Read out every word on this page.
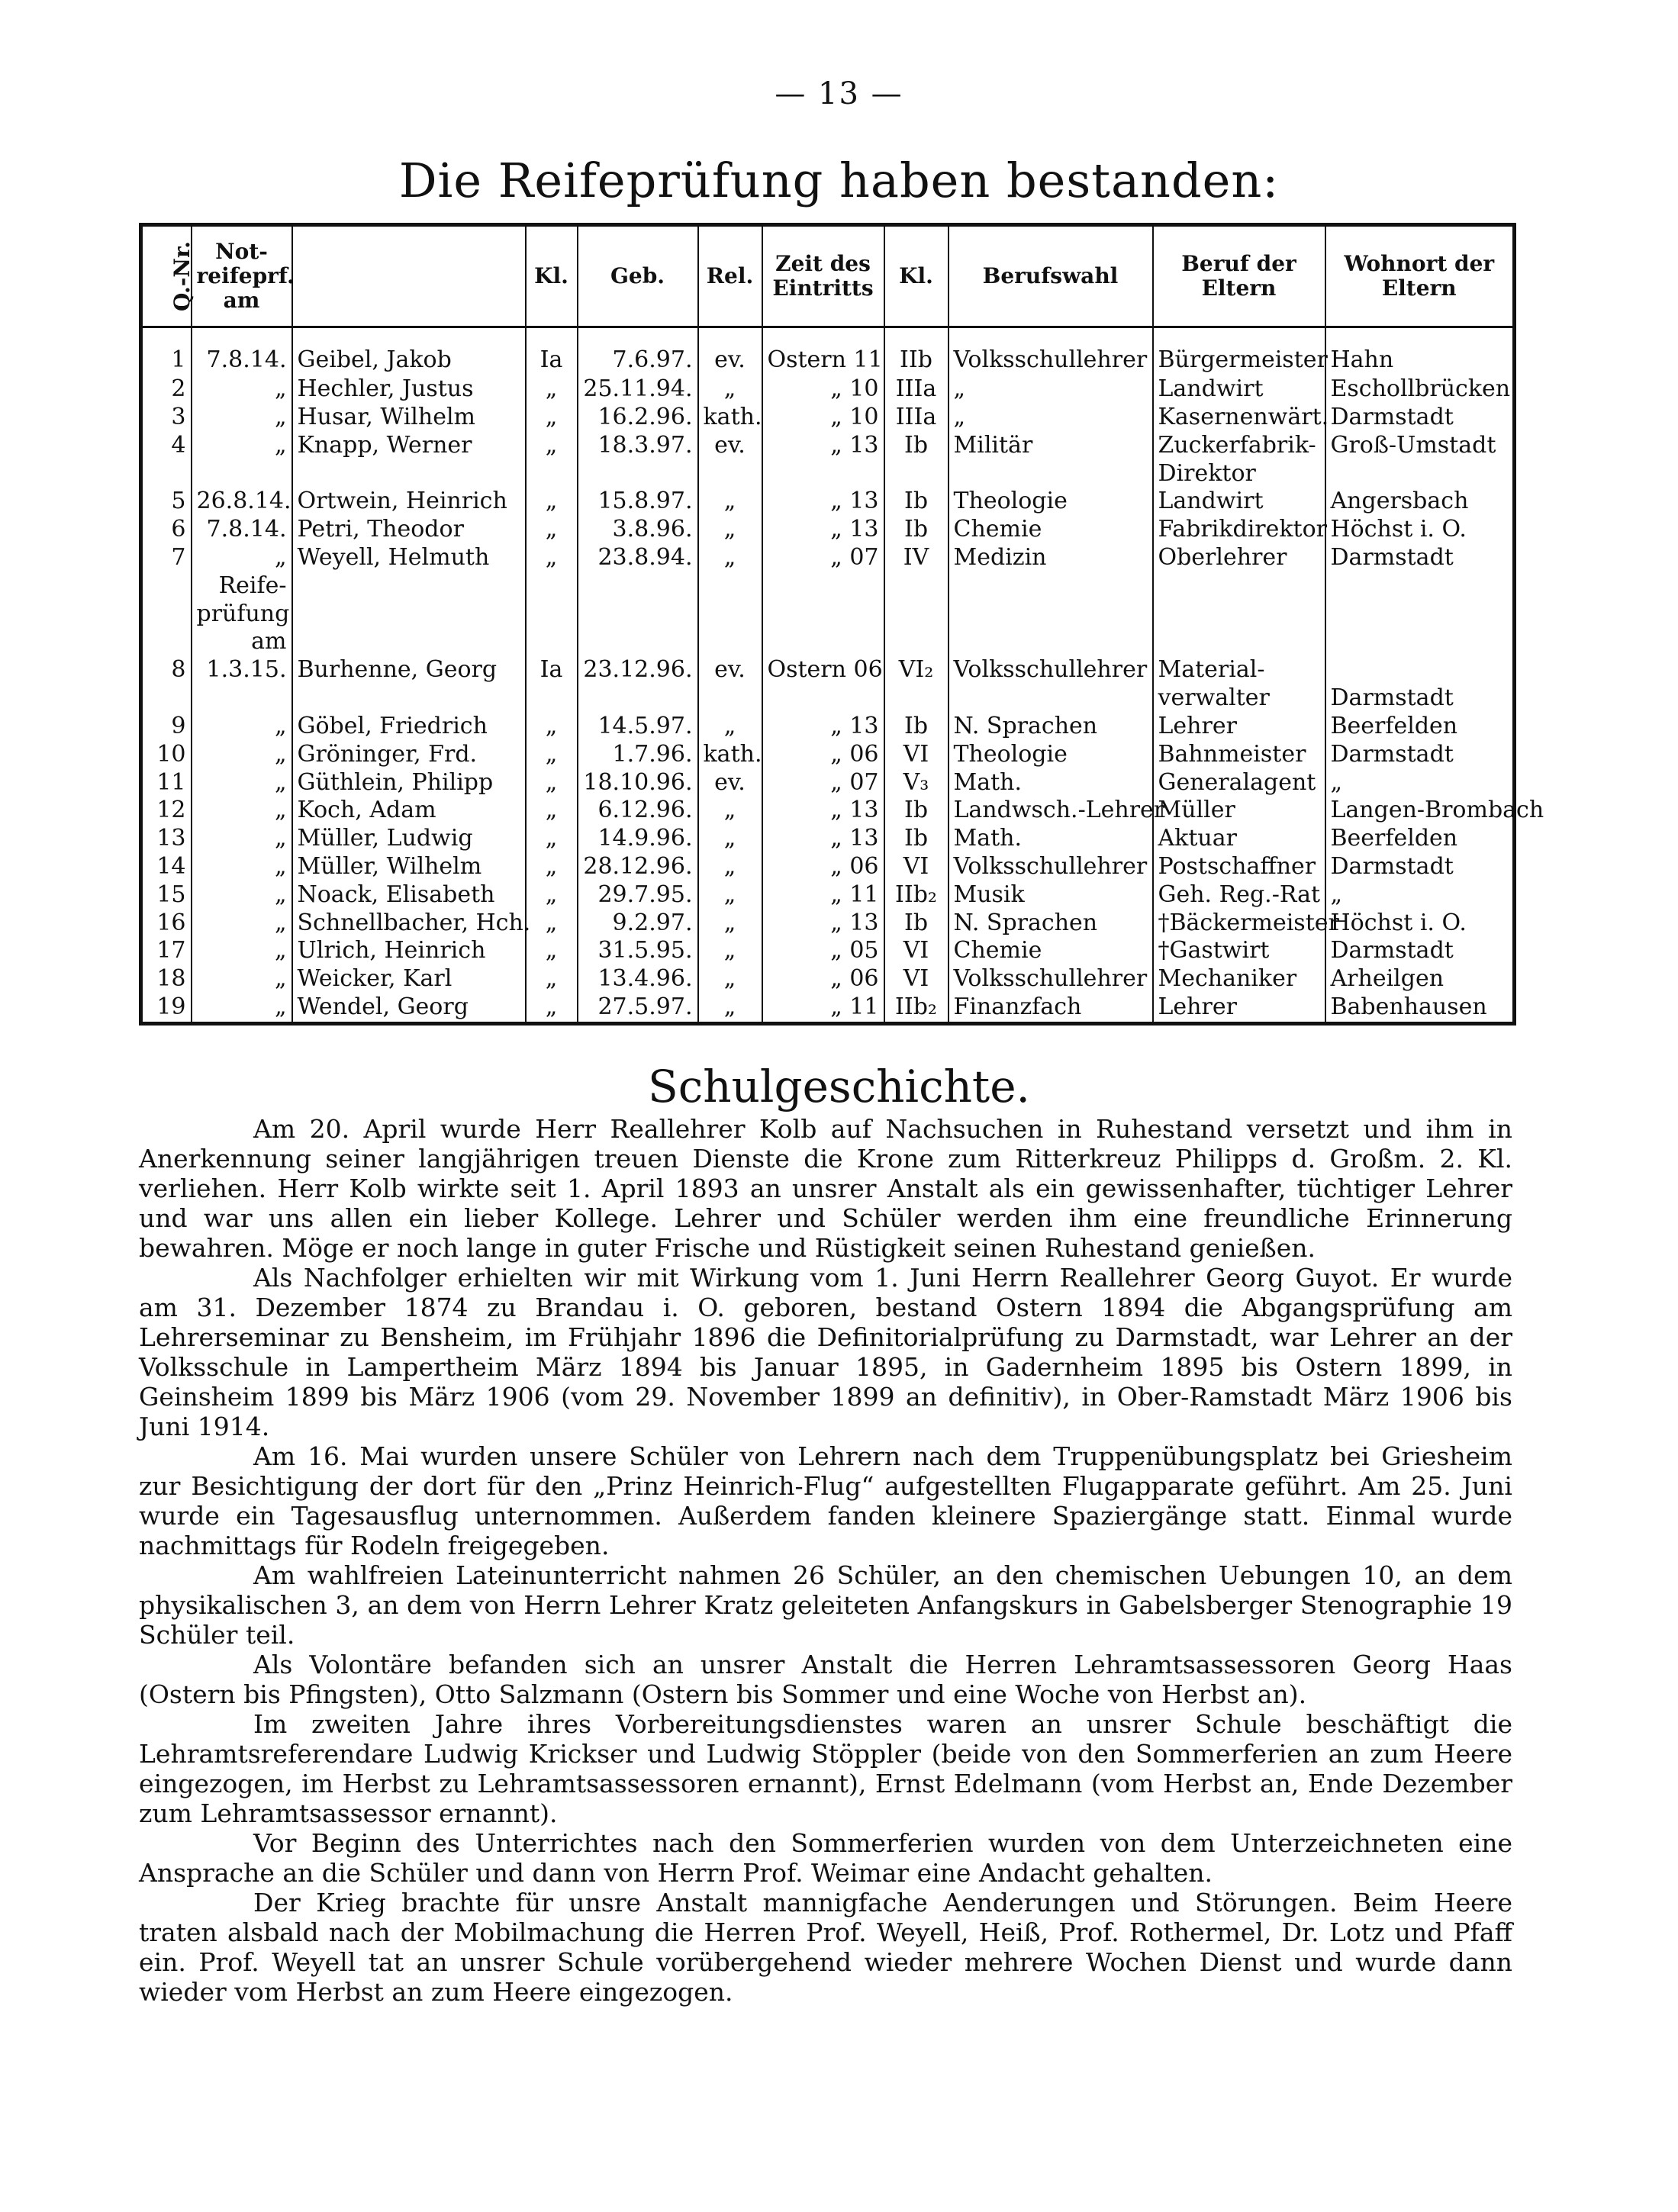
— 13 —
Die Reifeprüfung haben bestanden:
Q.-Nr.	Not-reifeprf. am		Kl.	Geb.	Rel.	Zeit des Eintritts	Kl.	Berufswahl	Beruf der Eltern	Wohnort der Eltern
1	7.8.14.	Geibel, Jakob	Ia	7.6.97.	ev.	Ostern 11	IIb	Volksschullehrer	Bürgermeister	Hahn
2	„	Hechler, Justus	„	25.11.94.	„	„ 10	IIIa	„	Landwirt	Eschollbrücken
3	„	Husar, Wilhelm	„	16.2.96.	kath.	„ 10	IIIa	„	Kasernenwärt.	Darmstadt
4	„	Knapp, Werner	„	18.3.97.	ev.	„ 13	Ib	Militär	Zuckerfabrik-	Groß-Umstadt
									Direktor	
5	26.8.14.	Ortwein, Heinrich	„	15.8.97.	„	„ 13	Ib	Theologie	Landwirt	Angersbach
6	7.8.14.	Petri, Theodor	„	3.8.96.	„	„ 13	Ib	Chemie	Fabrikdirektor	Höchst i. O.
7	„	Weyell, Helmuth	„	23.8.94.	„	„ 07	IV	Medizin	Oberlehrer	Darmstadt
	Reife-									
	prüfung									
	am									
8	1.3.15.	Burhenne, Georg	Ia	23.12.96.	ev.	Ostern 06	VI₂	Volksschullehrer	Material-	
									verwalter	Darmstadt
9	„	Göbel, Friedrich	„	14.5.97.	„	„ 13	Ib	N. Sprachen	Lehrer	Beerfelden
10	„	Gröninger, Frd.	„	1.7.96.	kath.	„ 06	VI	Theologie	Bahnmeister	Darmstadt
11	„	Güthlein, Philipp	„	18.10.96.	ev.	„ 07	V₃	Math.	Generalagent	„
12	„	Koch, Adam	„	6.12.96.	„	„ 13	Ib	Landwsch.-Lehrer	Müller	Langen-Brombach
13	„	Müller, Ludwig	„	14.9.96.	„	„ 13	Ib	Math.	Aktuar	Beerfelden
14	„	Müller, Wilhelm	„	28.12.96.	„	„ 06	VI	Volksschullehrer	Postschaffner	Darmstadt
15	„	Noack, Elisabeth	„	29.7.95.	„	„ 11	IIb₂	Musik	Geh. Reg.-Rat	„
16	„	Schnellbacher, Hch.	„	9.2.97.	„	„ 13	Ib	N. Sprachen	†Bäckermeister	Höchst i. O.
17	„	Ulrich, Heinrich	„	31.5.95.	„	„ 05	VI	Chemie	†Gastwirt	Darmstadt
18	„	Weicker, Karl	„	13.4.96.	„	„ 06	VI	Volksschullehrer	Mechaniker	Arheilgen
19	„	Wendel, Georg	„	27.5.97.	„	„ 11	IIb₂	Finanzfach	Lehrer	Babenhausen

Schulgeschichte.

Am 20. April wurde Herr Reallehrer Kolb auf Nachsuchen in Ruhestand versetzt und ihm in Anerkennung seiner langjährigen treuen Dienste die Krone zum Ritterkreuz Philipps d. Großm. 2. Kl. verliehen. Herr Kolb wirkte seit 1. April 1893 an unsrer Anstalt als ein gewissenhafter, tüchtiger Lehrer und war uns allen ein lieber Kollege. Lehrer und Schüler werden ihm eine freundliche Erinnerung bewahren. Möge er noch lange in guter Frische und Rüstigkeit seinen Ruhestand genießen.

Als Nachfolger erhielten wir mit Wirkung vom 1. Juni Herrn Reallehrer Georg Guyot. Er wurde am 31. Dezember 1874 zu Brandau i. O. geboren, bestand Ostern 1894 die Abgangsprüfung am Lehrerseminar zu Bensheim, im Frühjahr 1896 die Definitorialprüfung zu Darmstadt, war Lehrer an der Volksschule in Lampertheim März 1894 bis Januar 1895, in Gadernheim 1895 bis Ostern 1899, in Geinsheim 1899 bis März 1906 (vom 29. November 1899 an definitiv), in Ober-Ramstadt März 1906 bis Juni 1914.

Am 16. Mai wurden unsere Schüler von Lehrern nach dem Truppenübungsplatz bei Griesheim zur Besichtigung der dort für den „Prinz Heinrich-Flug“ aufgestellten Flugapparate geführt. Am 25. Juni wurde ein Tagesausflug unternommen. Außerdem fanden kleinere Spaziergänge statt. Einmal wurde nachmittags für Rodeln freigegeben.

Am wahlfreien Lateinunterricht nahmen 26 Schüler, an den chemischen Uebungen 10, an dem physikalischen 3, an dem von Herrn Lehrer Kratz geleiteten Anfangskurs in Gabelsberger Stenographie 19 Schüler teil.

Als Volontäre befanden sich an unsrer Anstalt die Herren Lehramtsassessoren Georg Haas (Ostern bis Pfingsten), Otto Salzmann (Ostern bis Sommer und eine Woche von Herbst an).

Im zweiten Jahre ihres Vorbereitungsdienstes waren an unsrer Schule beschäftigt die Lehramtsreferendare Ludwig Krickser und Ludwig Stöppler (beide von den Sommerferien an zum Heere eingezogen, im Herbst zu Lehramtsassessoren ernannt), Ernst Edelmann (vom Herbst an, Ende Dezember zum Lehramtsassessor ernannt).

Vor Beginn des Unterrichtes nach den Sommerferien wurden von dem Unterzeichneten eine Ansprache an die Schüler und dann von Herrn Prof. Weimar eine Andacht gehalten.

Der Krieg brachte für unsre Anstalt mannigfache Aenderungen und Störungen. Beim Heere traten alsbald nach der Mobilmachung die Herren Prof. Weyell, Heiß, Prof. Rothermel, Dr. Lotz und Pfaff ein. Prof. Weyell tat an unsrer Schule vorübergehend wieder mehrere Wochen Dienst und wurde dann wieder vom Herbst an zum Heere eingezogen.
